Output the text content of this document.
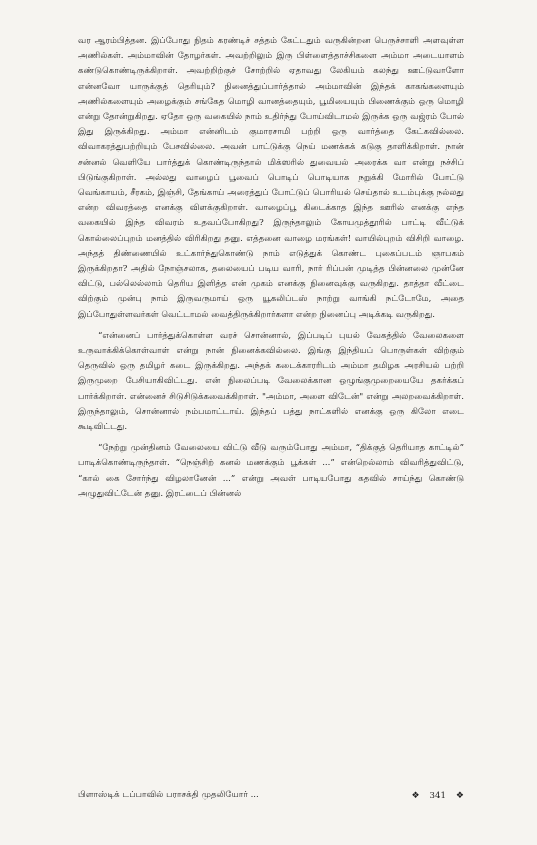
வர ஆரம்பித்தன. இப்போது நிதம் கரண்டிச் சத்தம் கேட்டதும் வருகின்றன பெருச்சாளி அளவுள்ள அணில்கள். அம்மாவின் தோழர்கள். அவற்றிலும் இரு பிள்ளைத்தாச்சிகளை அம்மா அடையாளம் கண்டுகொண்டிருக்கிறாள். அவற்றிற்குச் சோற்றில் ஏதாவது லேகியம் கலந்து ஊட்டுவாளோ என்னவோ யாருக்குத் தெரியும்? நினைத்துப்பார்த்தால் அம்மாவின் இந்தக் காகங்களையும் அணில்களையும் அழைக்கும் சங்கேத மொழி வானத்தையும், பூமியையும் பிணைக்கும் ஒரு மொழி என்று தோன்றுகிறது. ஏதோ ஒரு வகையில் நாம் உதிர்ந்து போய்விடாமல் இருக்க ஒரு வஜ்ரம் போல் இது இருக்கிறது. அம்மா என்னிடம் குமாரசாமி பற்றி ஒரு வார்த்தை கேட்கவில்லை. விவாகரத்துபற்றியும் பேசவில்லை. அவன் பாட்டுக்கு நெய் மணக்கக் கடுகு தாளிக்கிறாள். நான் சன்னல் வெளியே பார்த்துக் கொண்டிருந்தால் மிக்ஸரில் துவையல் அரைக்க வா என்று நச்சிப் பிடுங்குகிறாள். அல்லது வாழைப் பூவைப் பொடிப் பொடியாக நறுக்கி மோரில் போட்டு வெங்காயம், சீரகம், இஞ்சி, தேங்காய் அரைத்துப் போட்டுப் பொரியல் செய்தால் உடம்புக்கு நல்லது என்ற விவரத்தை எனக்கு விளக்குகிறாள். வாழைப்பூ கிடைக்காத இந்த ஊரில் எனக்கு எந்த வகையில் இந்த விவரம் உதவப்போகிறது? இருந்தாலும் கோயமுத்தூரில் பாட்டி வீட்டுக் கொல்லைப்புறம் மனத்தில் விரிகிறது தனு. எத்தனை வாழை மரங்கள்! வாயில்புறம் விசிறி வாழை. அந்தத் திண்ணையில் உட்கார்ந்துகொண்டு நாம் எடுத்துக் கொண்ட புகைப்படம் ஞாபகம் இருக்கிறதா? அதில் நோஞ்சலாக, தலையைப் படிய வாரி, நார் ரிப்பன் முடித்த பின்னலை முன்னே விட்டு, பல்லெல்லாம் தெரிய இளித்த என் முகம் எனக்கு நினைவுக்கு வருகிறது. தாத்தா வீட்டை விற்கும் முன்பு நாம் இருவருமாய் ஒரு யூகலிப்டஸ் நாற்று வாங்கி நட்டோமே, அதை இப்போதுள்ளவர்கள் வெட்டாமல் வைத்திருக்கிறார்களா என்ற நினைப்பு அடிக்கடி வருகிறது.

“என்னைப் பார்த்துக்கொள்ள வரச் சொன்னால், இப்படிப் புயல் வேகத்தில் வேலைகளை உருவாக்கிக்கொள்வாள் என்று நான் நினைக்கவில்லை. இங்கு இந்தியப் பொருள்கள் விற்கும் தெருவில் ஒரு தமிழர் கடை இருக்கிறது. அந்தக் கடைக்காரரிடம் அம்மா தமிழக அரசியல் பற்றி இருமுறை பேசியாகிவிட்டது. என் நிலைப்படி வேலைக்கான ஒழுங்குமுறையையே தகர்க்கப் பார்க்கிறாள். என்னைச் சிடுசிடுக்கவைக்கிறாள். "அம்மா, அளை விடேன்" என்று அலறவைக்கிறாள். இருந்தாலும், சொன்னால் நம்பமாட்டாய். இந்தப் பத்து நாட்களில் எனக்கு ஒரு கிலோ எடை கூடிவிட்டது.

“நேற்று முன்தினம் வேலையை விட்டு வீடு வரும்போது அம்மா, “திக்குத் தெரியாத காட்டில்” பாடிக்கொண்டிருந்தாள். “நெஞ்சிற் கனல் மணக்கும் பூக்கள் ...” என்றெல்லாம் விவரித்துவிட்டு, “கால் கை சோர்ந்து விழலானேன் ...” என்று அவள் பாடியபோது கதவில் சாய்ந்து கொண்டு அழுதுவிட்டேன் தனு. இரட்டைப் பின்னல்

பிளாஸ்டிக் டப்பாவில் பராசக்தி முதலியோர் ...	❖ 341 ❖
